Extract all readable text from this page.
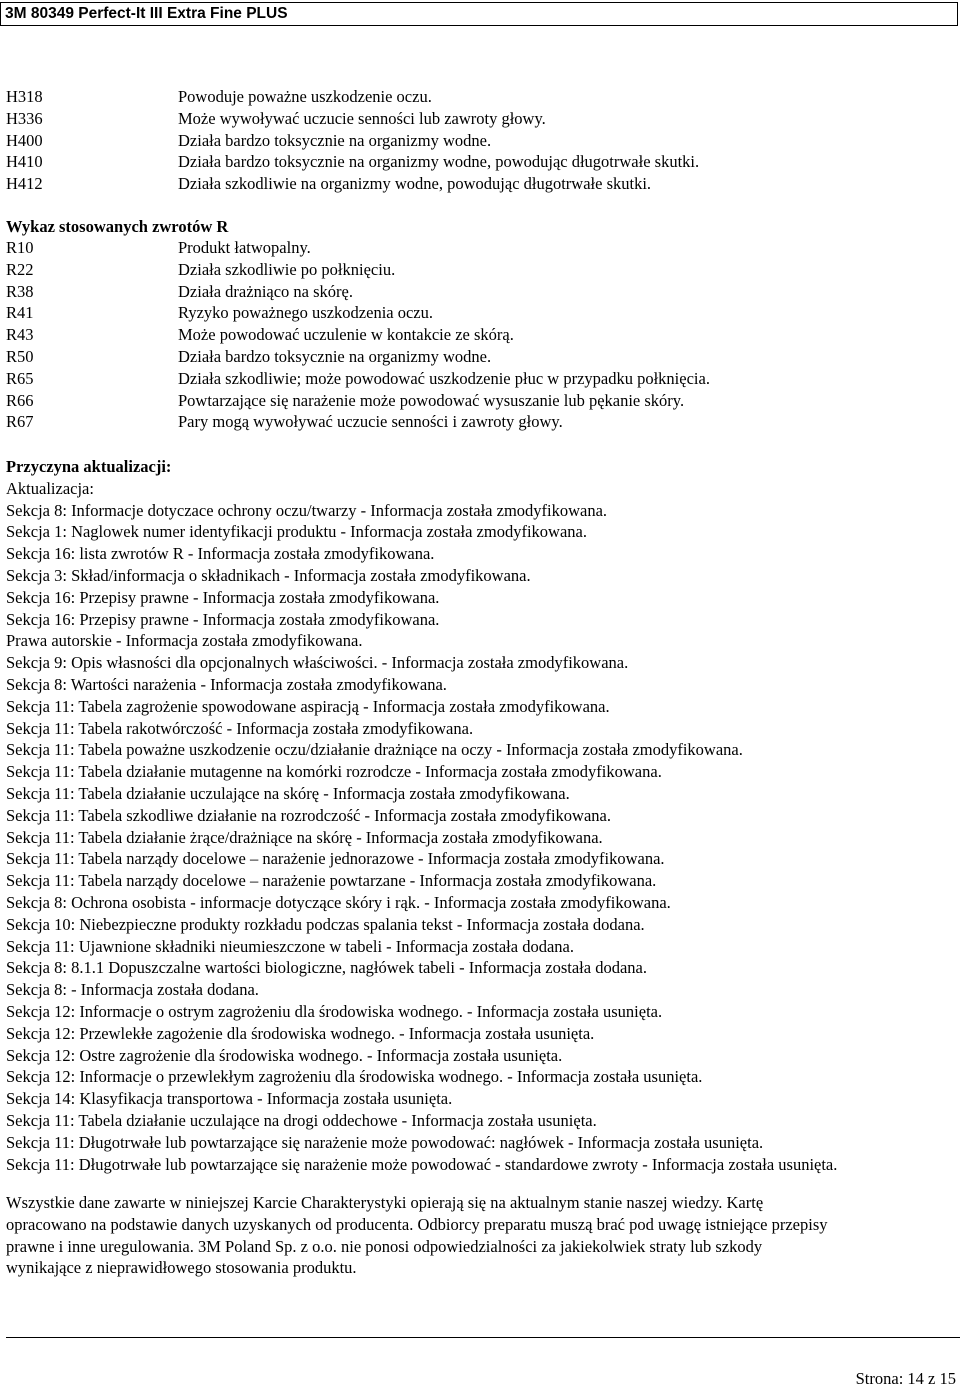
3M 80349 Perfect-It III Extra Fine PLUS
H318	Powoduje poważne uszkodzenie oczu.
H336	Może wywoływać uczucie senności lub zawroty głowy.
H400	Działa bardzo toksycznie na organizmy wodne.
H410	Działa bardzo toksycznie na organizmy wodne, powodując długotrwałe skutki.
H412	Działa szkodliwie na organizmy wodne, powodując długotrwałe skutki.
Wykaz stosowanych zwrotów R
R10	Produkt łatwopalny.
R22	Działa szkodliwie po połknięciu.
R38	Działa drażniąco na skórę.
R41	Ryzyko poważnego uszkodzenia oczu.
R43	Może powodować uczulenie w kontakcie ze skórą.
R50	Działa bardzo toksycznie na organizmy wodne.
R65	Działa szkodliwie; może powodować uszkodzenie płuc w przypadku połknięcia.
R66	Powtarzające się narażenie może powodować wysuszanie lub pękanie skóry.
R67	Pary mogą wywoływać uczucie senności i zawroty głowy.
Przyczyna aktualizacji:
Aktualizacja:
Sekcja 8: Informacje dotyczace ochrony oczu/twarzy - Informacja została zmodyfikowana.
Sekcja 1: Naglowek numer identyfikacji produktu - Informacja została zmodyfikowana.
Sekcja 16: lista zwrotów R - Informacja została zmodyfikowana.
Sekcja 3: Skład/informacja o składnikach - Informacja została zmodyfikowana.
Sekcja 16: Przepisy prawne - Informacja została zmodyfikowana.
Sekcja 16: Przepisy prawne - Informacja została zmodyfikowana.
Prawa autorskie - Informacja została zmodyfikowana.
Sekcja 9: Opis własności dla opcjonalnych właściwości. - Informacja została zmodyfikowana.
Sekcja 8: Wartości narażenia - Informacja została zmodyfikowana.
Sekcja 11: Tabela zagrożenie spowodowane aspiracją - Informacja została zmodyfikowana.
Sekcja 11: Tabela rakotwórczość - Informacja została zmodyfikowana.
Sekcja 11: Tabela poważne uszkodzenie oczu/działanie drażniące na oczy - Informacja została zmodyfikowana.
Sekcja 11: Tabela działanie mutagenne na komórki rozrodcze - Informacja została zmodyfikowana.
Sekcja 11: Tabela działanie uczulające na skórę - Informacja została zmodyfikowana.
Sekcja 11: Tabela szkodliwe działanie na rozrodczość - Informacja została zmodyfikowana.
Sekcja 11: Tabela działanie żrące/drażniące na skórę - Informacja została zmodyfikowana.
Sekcja 11: Tabela narządy docelowe – narażenie jednorazowe - Informacja została zmodyfikowana.
Sekcja 11: Tabela narządy docelowe – narażenie powtarzane - Informacja została zmodyfikowana.
Sekcja 8: Ochrona osobista - informacje dotyczące skóry i rąk. - Informacja została zmodyfikowana.
Sekcja 10: Niebezpieczne produkty rozkładu podczas spalania tekst - Informacja została dodana.
Sekcja 11: Ujawnione składniki nieumieszczone w tabeli - Informacja została dodana.
Sekcja 8: 8.1.1 Dopuszczalne wartości biologiczne, nagłówek tabeli - Informacja została dodana.
Sekcja 8: - Informacja została dodana.
Sekcja 12: Informacje o ostrym zagrożeniu dla środowiska wodnego. - Informacja została usunięta.
Sekcja 12: Przewlekłe zagożenie dla środowiska wodnego. - Informacja została usunięta.
Sekcja 12: Ostre zagrożenie dla środowiska wodnego. - Informacja została usunięta.
Sekcja 12: Informacje o przewlekłym zagrożeniu dla środowiska wodnego. - Informacja została usunięta.
Sekcja 14: Klasyfikacja transportowa - Informacja została usunięta.
Sekcja 11: Tabela działanie uczulające na drogi oddechowe - Informacja została usunięta.
Sekcja 11: Długotrwałe lub powtarzające się narażenie może powodować: nagłówek - Informacja została usunięta.
Sekcja 11: Długotrwałe lub powtarzające się narażenie może powodować - standardowe zwroty - Informacja została usunięta.
Wszystkie dane zawarte w niniejszej Karcie Charakterystyki opierają się na aktualnym stanie naszej wiedzy. Kartę
opracowano na podstawie danych uzyskanych od producenta. Odbiorcy preparatu muszą brać pod uwagę istniejące przepisy
prawne i inne uregulowania. 3M Poland Sp. z o.o. nie ponosi odpowiedzialności za jakiekolwiek straty lub szkody
wynikające z nieprawidłowego stosowania produktu.
Strona: 14 z 15
